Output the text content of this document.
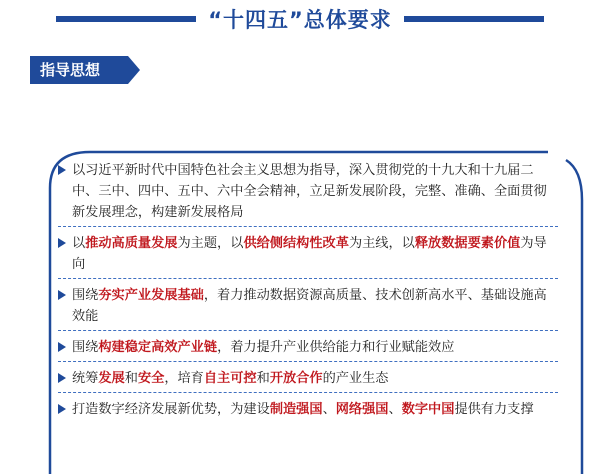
“十四五”总体要求
指导思想
以习近平新时代中国特色社会主义思想为指导，深入贯彻党的十九大和十九届二中、三中、四中、五中、六中全会精神，立足新发展阶段，完整、准确、全面贯彻新发展理念，构建新发展格局
以推动高质量发展为主题，以供给侧结构性改革为主线，以释放数据要素价值为导向
围绕夯实产业发展基础，着力推动数据资源高质量、技术创新高水平、基础设施高效能
围绕构建稳定高效产业链，着力提升产业供给能力和行业赋能效应
统筹发展和安全，培育自主可控和开放合作的产业生态
打造数字经济发展新优势，为建设制造强国、网络强国、数字中国提供有力支撑
